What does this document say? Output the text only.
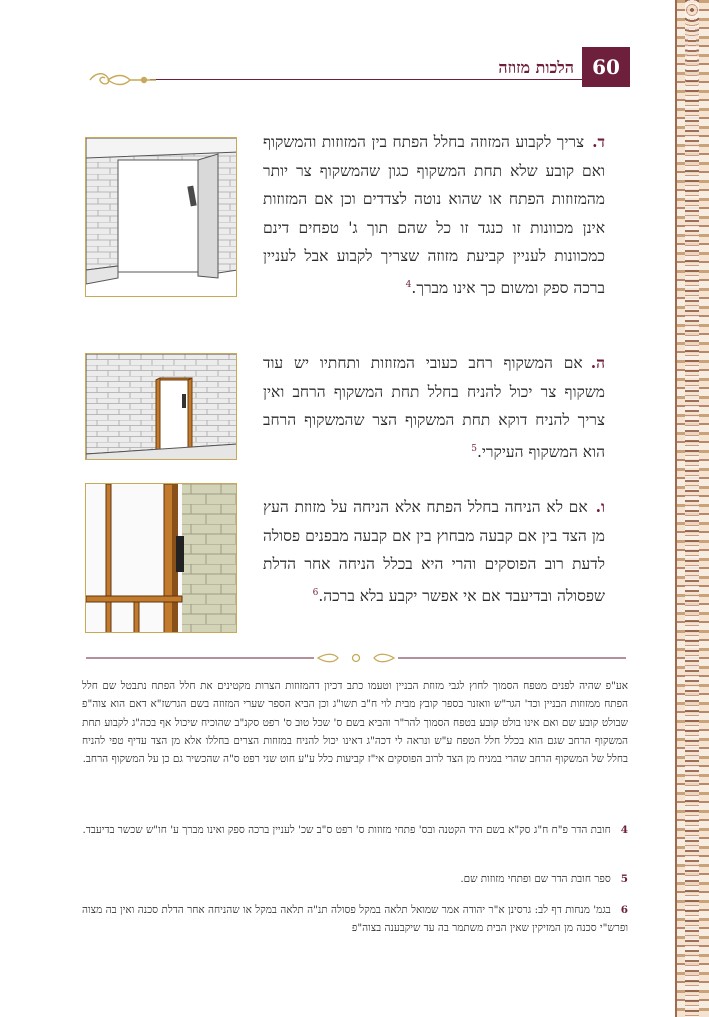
60
הלכות מזוזה
ד.צריך לקבוע המזוזה בחלל הפתח בין המזוזות והמשקוף ואם קובע שלא תחת המשקוף כגון שהמשקוף צר יותר מהמזוזות הפתח או שהוא נוטה לצדדים וכן אם המזוזות אינן מכוונות זו כנגד זו כל שהם תוך ג' טפחים דינם כמכוונות לעניין קביעת מזוזה שצריך לקבוע אבל לעניין ברכה ספק ומשום כך אינו מברך.$^4$
ה.אם המשקוף רחב כעובי המזוזות ותחתיו יש עוד משקוף צר יכול להניח בחלל תחת המשקוף הרחב ואין צריך להניח דוקא תחת המשקוף הצר שהמשקוף הרחב הוא המשקוף העיקרי.$^5$
ו.אם לא הניחה בחלל הפתח אלא הניחה על מזוזת העץ מן הצד בין אם קבעה מבחוץ בין אם קבעה מבפנים פסולה לדעת רוב הפוסקים והרי היא בכלל הניחה אחר הדלת שפסולה ובדיעבד אם אי אפשר יקבע בלא ברכה.$^6$
אע"פ שהיה לפנים מטפח הסמוך לחוץ לגבי מזוזת הבניין וטעמו כתב דכיון דהמזוזות הצרות מקטינים את חלל הפתח נתבטל שם חלל הפתח ממזוזות הבניין וכד' הגר"ש וואזנר בספר קובץ מבית לוי ח"ב תשו"ג וכן הביא הספר שערי המזוזה בשם הגרשז"א דאם הוא צוה"פ שבולט קובע שם ואם אינו בולט קובע בטפח הסמוך להר"ר והביא בשם ס' שכל טוב ס' רפט סקנ"ב שהוכיח שיכול אף בכה"ג לקבוע תחת המשקוף הרחב שגם הוא בכלל חלל הטפח ע"ש ונראה לי דכה"ג דאינו יכול להניח במזוזות הצרים בחללו אלא מן הצד עדיף טפי להניח בחלל של המשקוף הרחב שהרי במניח מן הצד לרוב הפוסקים אי"ז קביעות כלל ע"ע חוט שני רפט ס"ה שהכשיר גם כן על המשקוף הרחב.
4חובת הדר פ"ח ח"ג סק"א בשם היד הקטנה ובס' פתחי מזוזות ס' רפט ס"ב שכ' לעניין ברכה ספק ואינו מברך ע' חו"ש שכשר בדיעבד.
5ספר חובת הדר שם ופתחי מזוזות שם.
6בגמ' מנחות דף לב: גרסינן א"ר יהודה אמר שמואל תלאה במקל פסולה תנ"ה תלאה במקל או שהניחה אחר הדלת סכנה ואין בה מצוה ופרש"י סכנה מן המזיקין שאין הבית משתמר בה עד שיקבענה בצוה"פ
